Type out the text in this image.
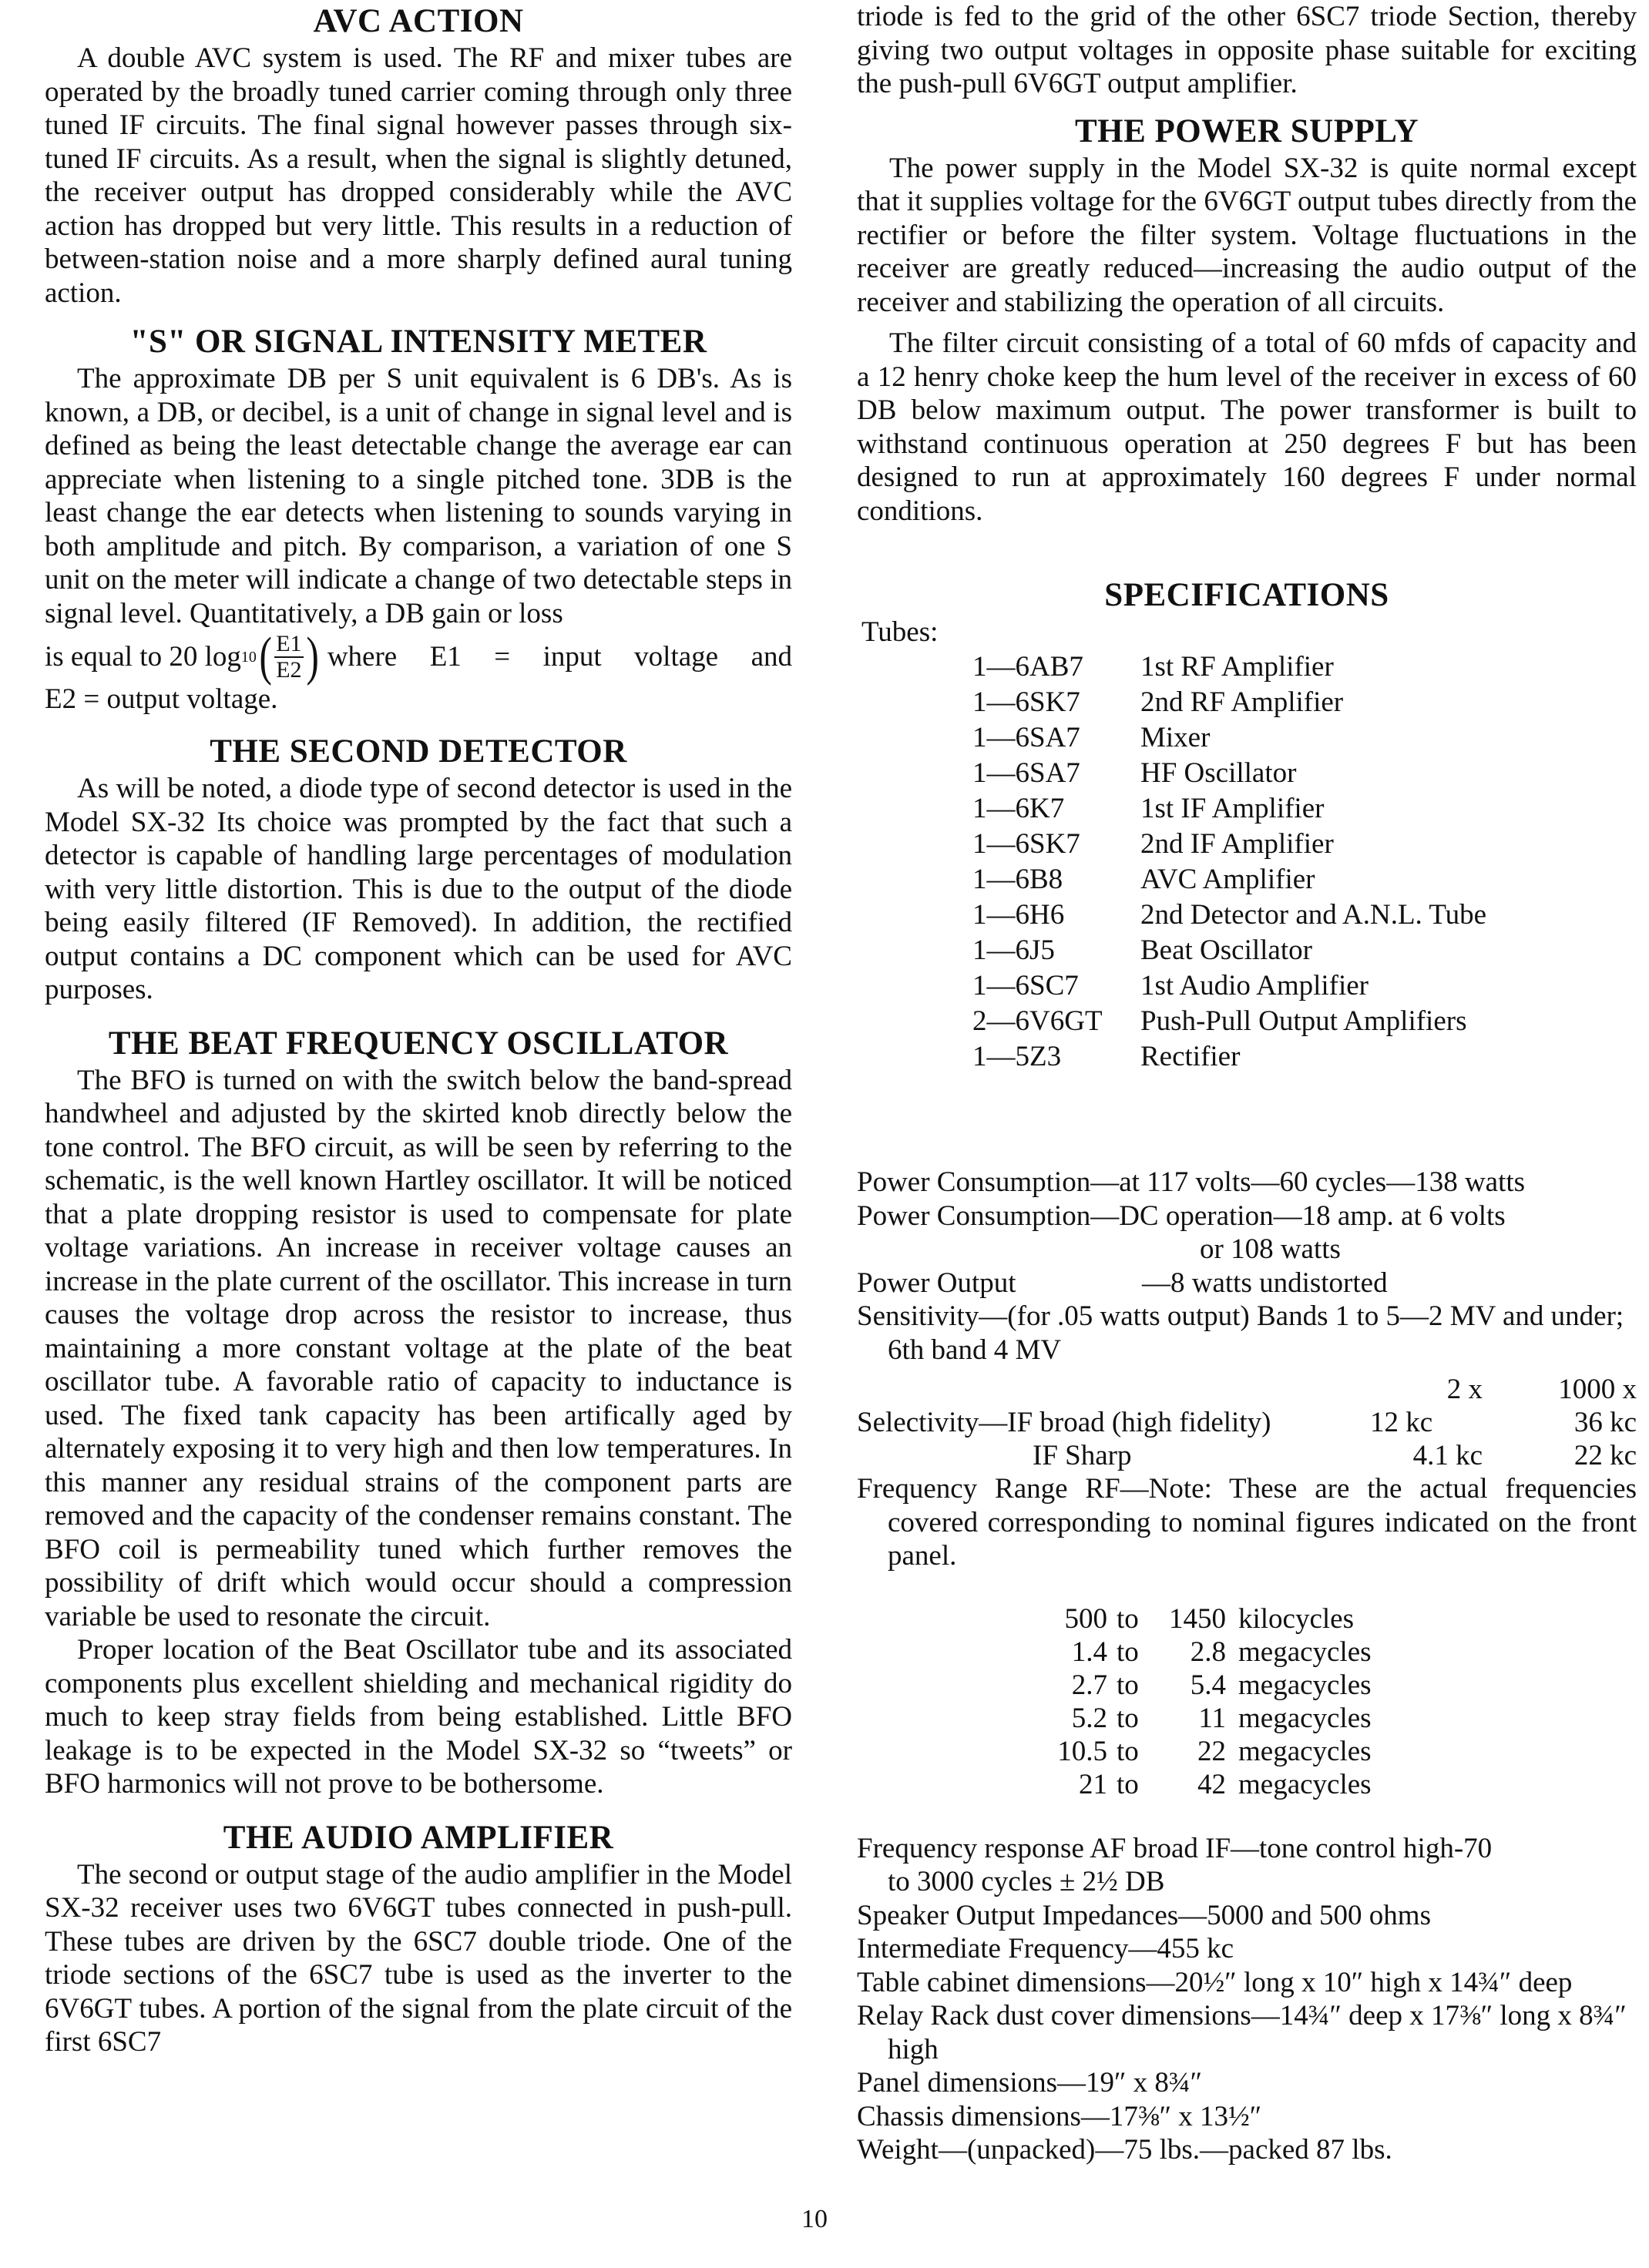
AVC ACTION

A double AVC system is used. The RF and mixer tubes are operated by the broadly tuned carrier coming through only three tuned IF circuits. The final signal however passes through six-tuned IF circuits. As a result, when the signal is slightly detuned, the receiver output has dropped considerably while the AVC action has dropped but very little. This results in a reduction of between-station noise and a more sharply defined aural tuning action.

"S" OR SIGNAL INTENSITY METER

The approximate DB per S unit equivalent is 6 DB's. As is known, a DB, or decibel, is a unit of change in signal level and is defined as being the least detectable change the average ear can appreciate when listening to a single pitched tone. 3DB is the least change the ear detects when listening to sounds varying in both amplitude and pitch. By comparison, a variation of one S unit on the meter will indicate a change of two detectable steps in signal level. Quantitatively, a DB gain or loss

is equal to 20 log 10 ( $\frac{E1}{E2}$ ) where E1 = input voltage and
E2 = output voltage.
THE SECOND DETECTOR

As will be noted, a diode type of second detector is used in the Model SX-32 Its choice was prompted by the fact that such a detector is capable of handling large percentages of modulation with very little distortion. This is due to the output of the diode being easily filtered (IF Removed). In addition, the rectified output contains a DC component which can be used for AVC purposes.

THE BEAT FREQUENCY OSCILLATOR

The BFO is turned on with the switch below the band-spread handwheel and adjusted by the skirted knob directly below the tone control. The BFO circuit, as will be seen by referring to the schematic, is the well known Hartley oscillator. It will be noticed that a plate dropping resistor is used to compensate for plate voltage variations. An increase in receiver voltage causes an increase in the plate current of the oscillator. This increase in turn causes the voltage drop across the resistor to increase, thus maintaining a more constant voltage at the plate of the beat oscillator tube. A favorable ratio of capacity to inductance is used. The fixed tank capacity has been artifically aged by alternately exposing it to very high and then low temperatures. In this manner any residual strains of the component parts are removed and the capacity of the condenser remains constant. The BFO coil is permeability tuned which further removes the possibility of drift which would occur should a compression variable be used to resonate the circuit.

Proper location of the Beat Oscillator tube and its associated components plus excellent shielding and mechanical rigidity do much to keep stray fields from being established. Little BFO leakage is to be expected in the Model SX-32 so “tweets” or BFO harmonics will not prove to be bothersome.

THE AUDIO AMPLIFIER

The second or output stage of the audio amplifier in the Model SX-32 receiver uses two 6V6GT tubes connected in push-pull. These tubes are driven by the 6SC7 double triode. One of the triode sections of the 6SC7 tube is used as the inverter to the 6V6GT tubes. A portion of the signal from the plate circuit of the first 6SC7

triode is fed to the grid of the other 6SC7 triode Section, thereby giving two output voltages in opposite phase suitable for exciting the push-pull 6V6GT output amplifier.

THE POWER SUPPLY

The power supply in the Model SX-32 is quite normal except that it supplies voltage for the 6V6GT output tubes directly from the rectifier or before the filter system. Voltage fluctuations in the receiver are greatly reduced—increasing the audio output of the receiver and stabilizing the operation of all circuits.

The filter circuit consisting of a total of 60 mfds of capacity and a 12 henry choke keep the hum level of the receiver in excess of 60 DB below maximum output. The power transformer is built to withstand continuous operation at 250 degrees F but has been designed to run at approximately 160 degrees F under normal conditions.

SPECIFICATIONS
Tubes:
1—6AB7	1st RF Amplifier
1—6SK7	2nd RF Amplifier
1—6SA7	Mixer
1—6SA7	HF Oscillator
1—6K7	1st IF Amplifier
1—6SK7	2nd IF Amplifier
1—6B8	AVC Amplifier
1—6H6	2nd Detector and A.N.L. Tube
1—6J5	Beat Oscillator
1—6SC7	1st Audio Amplifier
2—6V6GT	Push-Pull Output Amplifiers
1—5Z3	Rectifier
Power Consumption—at 117 volts—60 cycles—138 watts
Power Consumption—DC operation—18 amp. at 6 volts
or 108 watts
Power Output	—8 watts undistorted
Sensitivity—(for .05 watts output) Bands 1 to 5—2 MV and under; 6th band 4 MV
	2 x	1000 x
Selectivity—IF broad (high fidelity)	12 kc	36 kc
IF Sharp	4.1 kc	22 kc
Frequency Range RF—Note: These are the actual frequencies covered corresponding to nominal figures indicated on the front panel.
500	to	1450	kilocycles
1.4	to	2.8	megacycles
2.7	to	5.4	megacycles
5.2	to	11	megacycles
10.5	to	22	megacycles
21	to	42	megacycles
Frequency response AF broad IF—tone control high-70 to 3000 cycles ± 2½ DB
Speaker Output Impedances—5000 and 500 ohms
Intermediate Frequency—455 kc
Table cabinet dimensions—20½″ long x 10″ high x 14¾″ deep
Relay Rack dust cover dimensions—14¾″ deep x 17⅜″ long x 8¾″ high
Panel dimensions—19″ x 8¾″
Chassis dimensions—17⅜″ x 13½″
Weight—(unpacked)—75 lbs.—packed 87 lbs.
10
